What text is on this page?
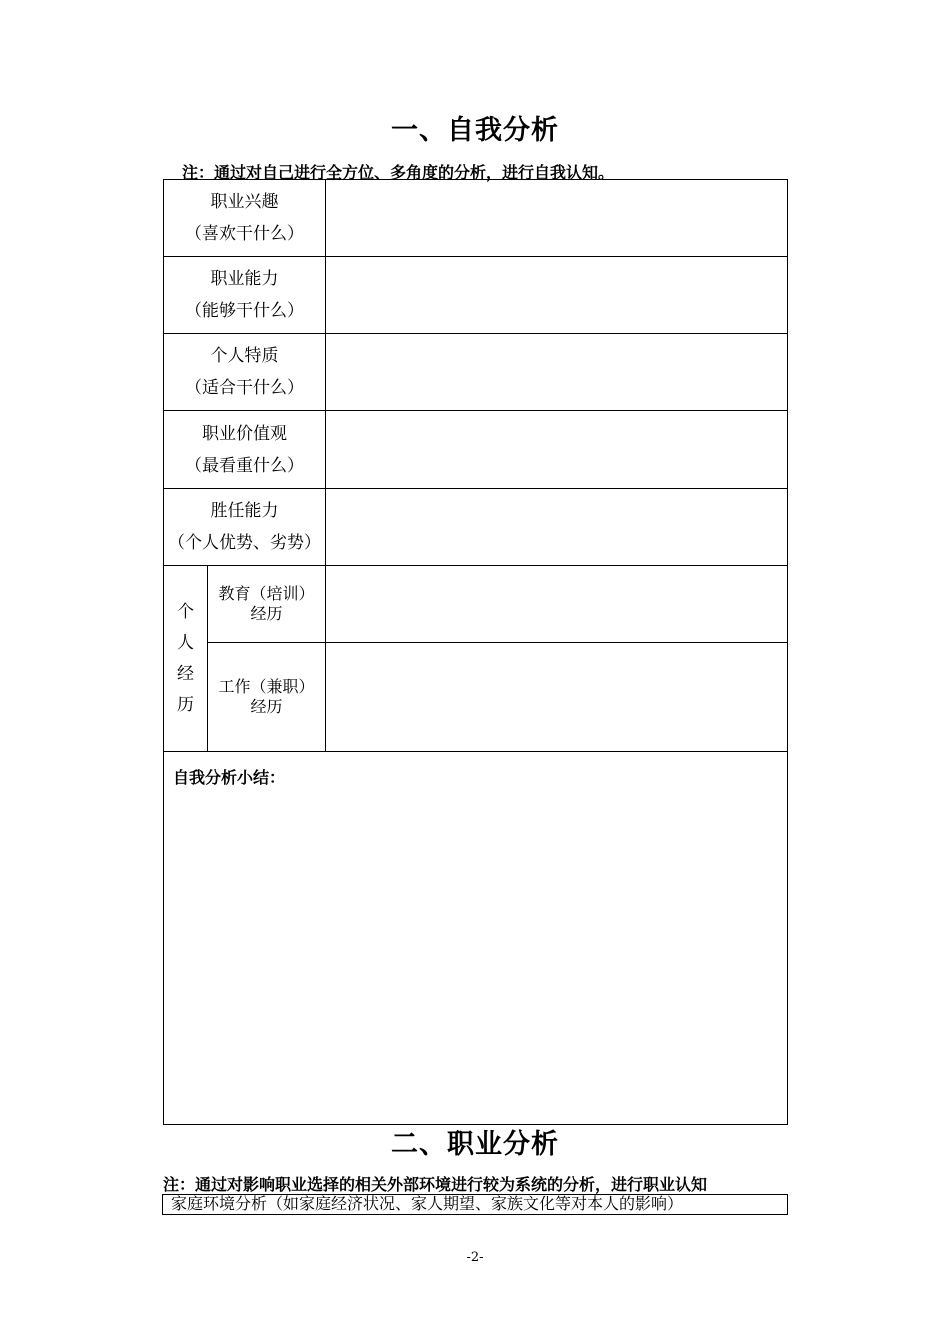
一、自我分析
注：通过对自己进行全方位、多角度的分析，进行自我认知。
职业兴趣
（喜欢干什么）
职业能力
（能够干什么）
个人特质
（适合干什么）
职业价值观
（最看重什么）
胜任能力
（个人优势、劣势）
个
人
经
历
教育（培训）
经历
工作（兼职）
经历
自我分析小结：
二、职业分析
注：通过对影响职业选择的相关外部环境进行较为系统的分析，进行职业认知
家庭环境分析（如家庭经济状况、家人期望、家族文化等对本人的影响）
-2-
